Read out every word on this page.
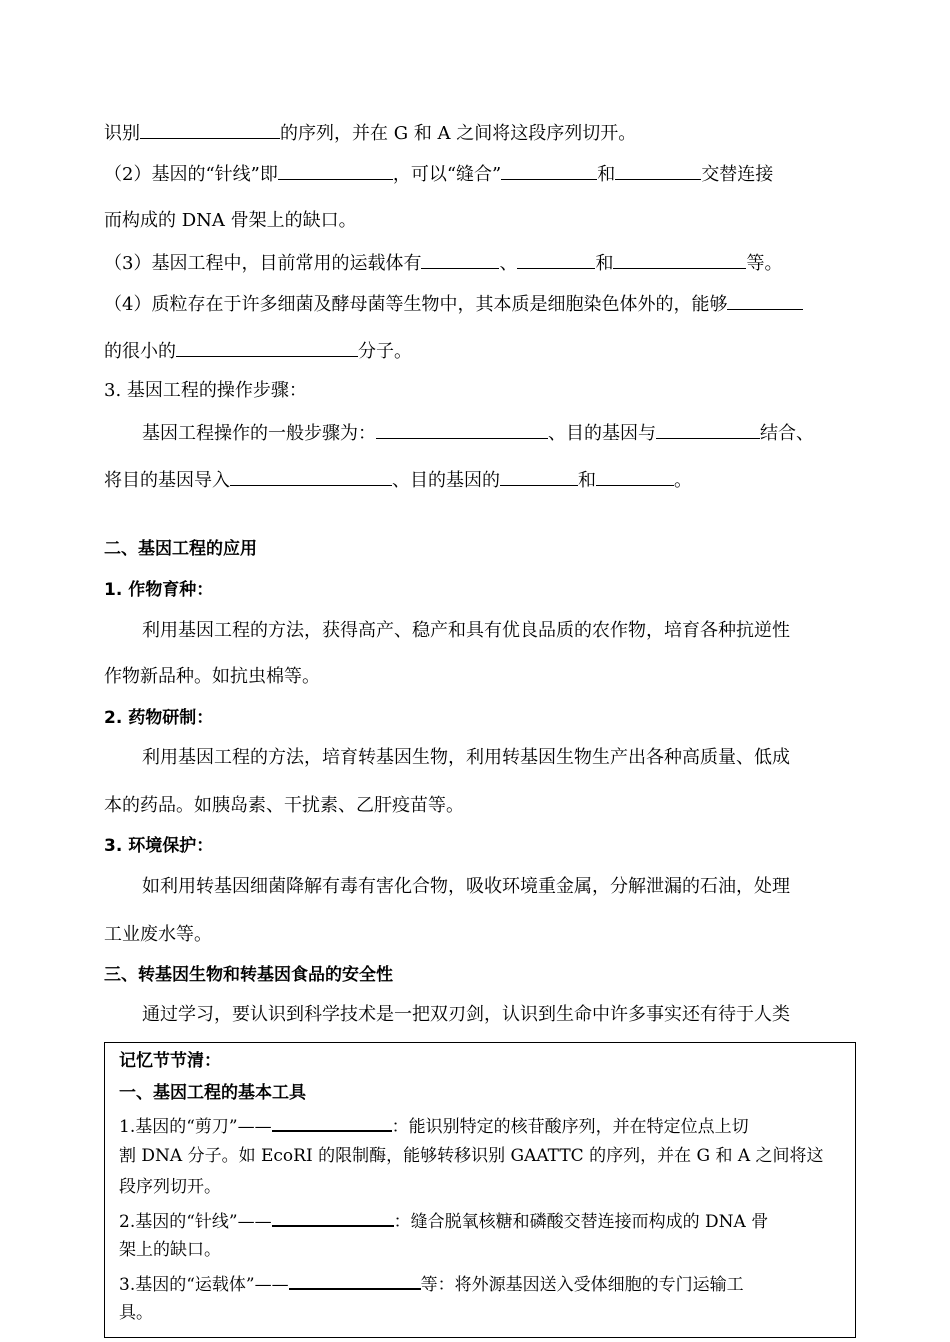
识别	的序列，并在 G 和 A 之间将这段序列切开。
（2）基因的“针线”即	，可以“缝合”	和	交替连接
而构成的 DNA 骨架上的缺口。
（3）基因工程中，目前常用的运载体有	、	和	等。
（4）质粒存在于许多细菌及酵母菌等生物中，其本质是细胞染色体外的，能够
的很小的	分子。
3. 基因工程的操作步骤：
基因工程操作的一般步骤为：	、目的基因与	结合、
将目的基因导入	、目的基因的	和	。
二、基因工程的应用
1. 作物育种：
利用基因工程的方法，获得高产、稳产和具有优良品质的农作物，培育各种抗逆性
作物新品种。如抗虫棉等。
2. 药物研制：
利用基因工程的方法，培育转基因生物，利用转基因生物生产出各种高质量、低成
本的药品。如胰岛素、干扰素、乙肝疫苗等。
3. 环境保护：
如利用转基因细菌降解有毒有害化合物，吸收环境重金属，分解泄漏的石油，处理
工业废水等。
三、转基因生物和转基因食品的安全性
通过学习，要认识到科学技术是一把双刃剑，认识到生命中许多事实还有待于人类
记忆节节清：
一、基因工程的基本工具
1.基因的“剪刀”——	：能识别特定的核苷酸序列，并在特定位点上切
割 DNA 分子。如 EcoRI 的限制酶，能够转移识别 GAATTC 的序列，并在 G 和 A 之间将这
段序列切开。
2.基因的“针线”——	：缝合脱氧核糖和磷酸交替连接而构成的 DNA 骨
架上的缺口。
3.基因的“运载体”——	等：将外源基因送入受体细胞的专门运输工
具。
